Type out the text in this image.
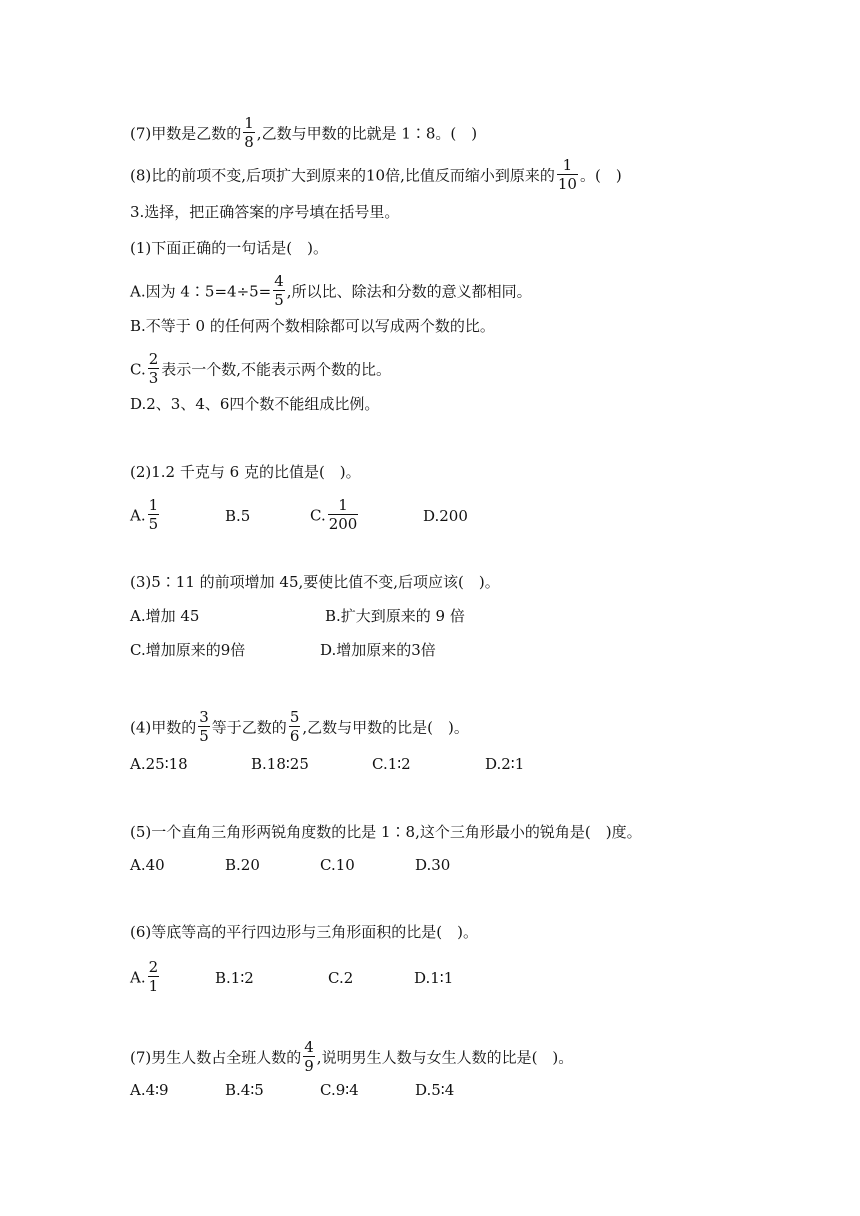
(7)甲数是乙数的 $\frac{1}{8}$ ,乙数与甲数的比就是 1∶8。(　)
(8)比的前项不变,后项扩大到原来的10倍,比值反而缩小到原来的 $\frac{1}{10}$ 。(　)
3.选择，把正确答案的序号填在括号里。
(1)下面正确的一句话是(　)。
A.因为 4∶5=4÷5= $\frac{4}{5}$ ,所以比、除法和分数的意义都相同。
B.不等于 0 的任何两个数相除都可以写成两个数的比。
C. $\frac{2}{3}$ 表示一个数,不能表示两个数的比。
D.2、3、4、6四个数不能组成比例。
(2)1.2 千克与 6 克的比值是(　)。
A. $\frac{1}{5}$	B.5	C. $\frac{1}{200}$	D.200
(3)5∶11 的前项增加 45,要使比值不变,后项应该(　)。
A.增加 45	B.扩大到原来的 9 倍
C.增加原来的9倍	D.增加原来的3倍
(4)甲数的 $\frac{3}{5}$ 等于乙数的 $\frac{5}{6}$ ,乙数与甲数的比是(　)。
A.25∶18	B.18∶25	C.1∶2	D.2∶1
(5)一个直角三角形两锐角度数的比是 1∶8,这个三角形最小的锐角是(　)度。
A.40	B.20	C.10	D.30
(6)等底等高的平行四边形与三角形面积的比是(　)。
A. $\frac{2}{1}$	B.1∶2	C.2	D.1∶1
(7)男生人数占全班人数的 $\frac{4}{9}$ ,说明男生人数与女生人数的比是(　)。
A.4∶9	B.4∶5	C.9∶4	D.5∶4
